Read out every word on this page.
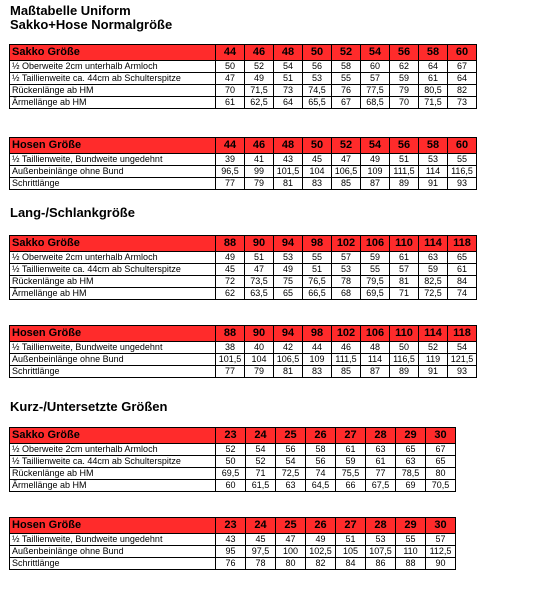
Maßtabelle Uniform
Sakko+Hose Normalgröße
Sakko Größe	44	46	48	50	52	54	56	58	60
½ Oberweite 2cm unterhalb Armloch	50	52	54	56	58	60	62	64	67
½ Taillienweite ca. 44cm ab Schulterspitze	47	49	51	53	55	57	59	61	64
Rückenlänge ab HM	70	71,5	73	74,5	76	77,5	79	80,5	82
Ärmellänge ab HM	61	62,5	64	65,5	67	68,5	70	71,5	73
Hosen Größe	44	46	48	50	52	54	56	58	60
½ Taillienweite, Bundweite ungedehnt	39	41	43	45	47	49	51	53	55
Außenbeinlänge ohne Bund	96,5	99	101,5	104	106,5	109	111,5	114	116,5
Schrittlänge	77	79	81	83	85	87	89	91	93
Lang-/Schlankgröße
Sakko Größe	88	90	94	98	102	106	110	114	118
½ Oberweite 2cm unterhalb Armloch	49	51	53	55	57	59	61	63	65
½ Taillienweite ca. 44cm ab Schulterspitze	45	47	49	51	53	55	57	59	61
Rückenlänge ab HM	72	73,5	75	76,5	78	79,5	81	82,5	84
Ärmellänge ab HM	62	63,5	65	66,5	68	69,5	71	72,5	74
Hosen Größe	88	90	94	98	102	106	110	114	118
½ Taillienweite, Bundweite ungedehnt	38	40	42	44	46	48	50	52	54
Außenbeinlänge ohne Bund	101,5	104	106,5	109	111,5	114	116,5	119	121,5
Schrittlänge	77	79	81	83	85	87	89	91	93
Kurz-/Untersetzte Größen
Sakko Größe	23	24	25	26	27	28	29	30
½ Oberweite 2cm unterhalb Armloch	52	54	56	58	61	63	65	67
½ Taillienweite ca. 44cm ab Schulterspitze	50	52	54	56	59	61	63	65
Rückenlänge ab HM	69,5	71	72,5	74	75,5	77	78,5	80
Ärmellänge ab HM	60	61,5	63	64,5	66	67,5	69	70,5
Hosen Größe	23	24	25	26	27	28	29	30
½ Taillienweite, Bundweite ungedehnt	43	45	47	49	51	53	55	57
Außenbeinlänge ohne Bund	95	97,5	100	102,5	105	107,5	110	112,5
Schrittlänge	76	78	80	82	84	86	88	90
